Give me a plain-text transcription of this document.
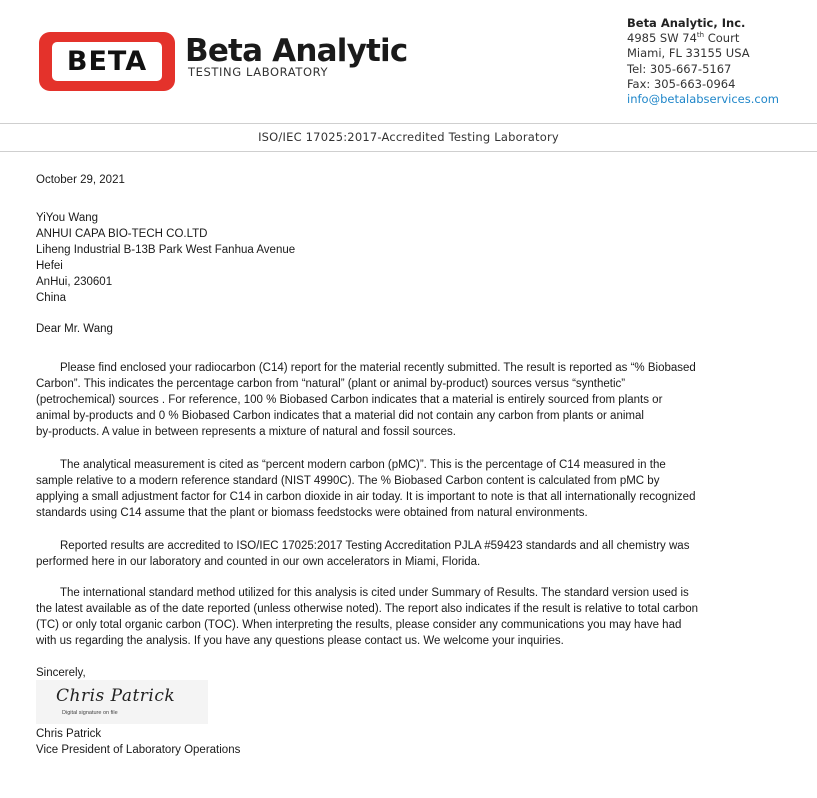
BETA Beta Analytic
TESTING LABORATORY
Beta Analytic, Inc.
4985 SW 74th Court
Miami, FL 33155 USA
Tel: 305-667-5167
Fax: 305-663-0964
info@betalabservices.com
ISO/IEC 17025:2017-Accredited Testing Laboratory
October 29, 2021
YiYou Wang
ANHUI CAPA BIO-TECH CO.LTD
Liheng Industrial B-13B Park West Fanhua Avenue
Hefei
AnHui, 230601
China
Dear Mr. Wang
Please find enclosed your radiocarbon (C14) report for the material recently submitted. The result is reported as “% Biobased
Carbon”. This indicates the percentage carbon from “natural” (plant or animal by-product) sources versus “synthetic”
(petrochemical) sources . For reference, 100 % Biobased Carbon indicates that a material is entirely sourced from plants or
animal by-products and 0 % Biobased Carbon indicates that a material did not contain any carbon from plants or animal
by-products. A value in between represents a mixture of natural and fossil sources.
The analytical measurement is cited as “percent modern carbon (pMC)”. This is the percentage of C14 measured in the
sample relative to a modern reference standard (NIST 4990C). The % Biobased Carbon content is calculated from pMC by
applying a small adjustment factor for C14 in carbon dioxide in air today. It is important to note is that all internationally recognized
standards using C14 assume that the plant or biomass feedstocks were obtained from natural environments.
Reported results are accredited to ISO/IEC 17025:2017 Testing Accreditation PJLA #59423 standards and all chemistry was
performed here in our laboratory and counted in our own accelerators in Miami, Florida.
The international standard method utilized for this analysis is cited under Summary of Results. The standard version used is
the latest available as of the date reported (unless otherwise noted). The report also indicates if the result is relative to total carbon
(TC) or only total organic carbon (TOC). When interpreting the results, please consider any communications you may have had
with us regarding the analysis. If you have any questions please contact us. We welcome your inquiries.
Sincerely,
Chris Patrick
Digital signature on file
Chris Patrick
Vice President of Laboratory Operations
